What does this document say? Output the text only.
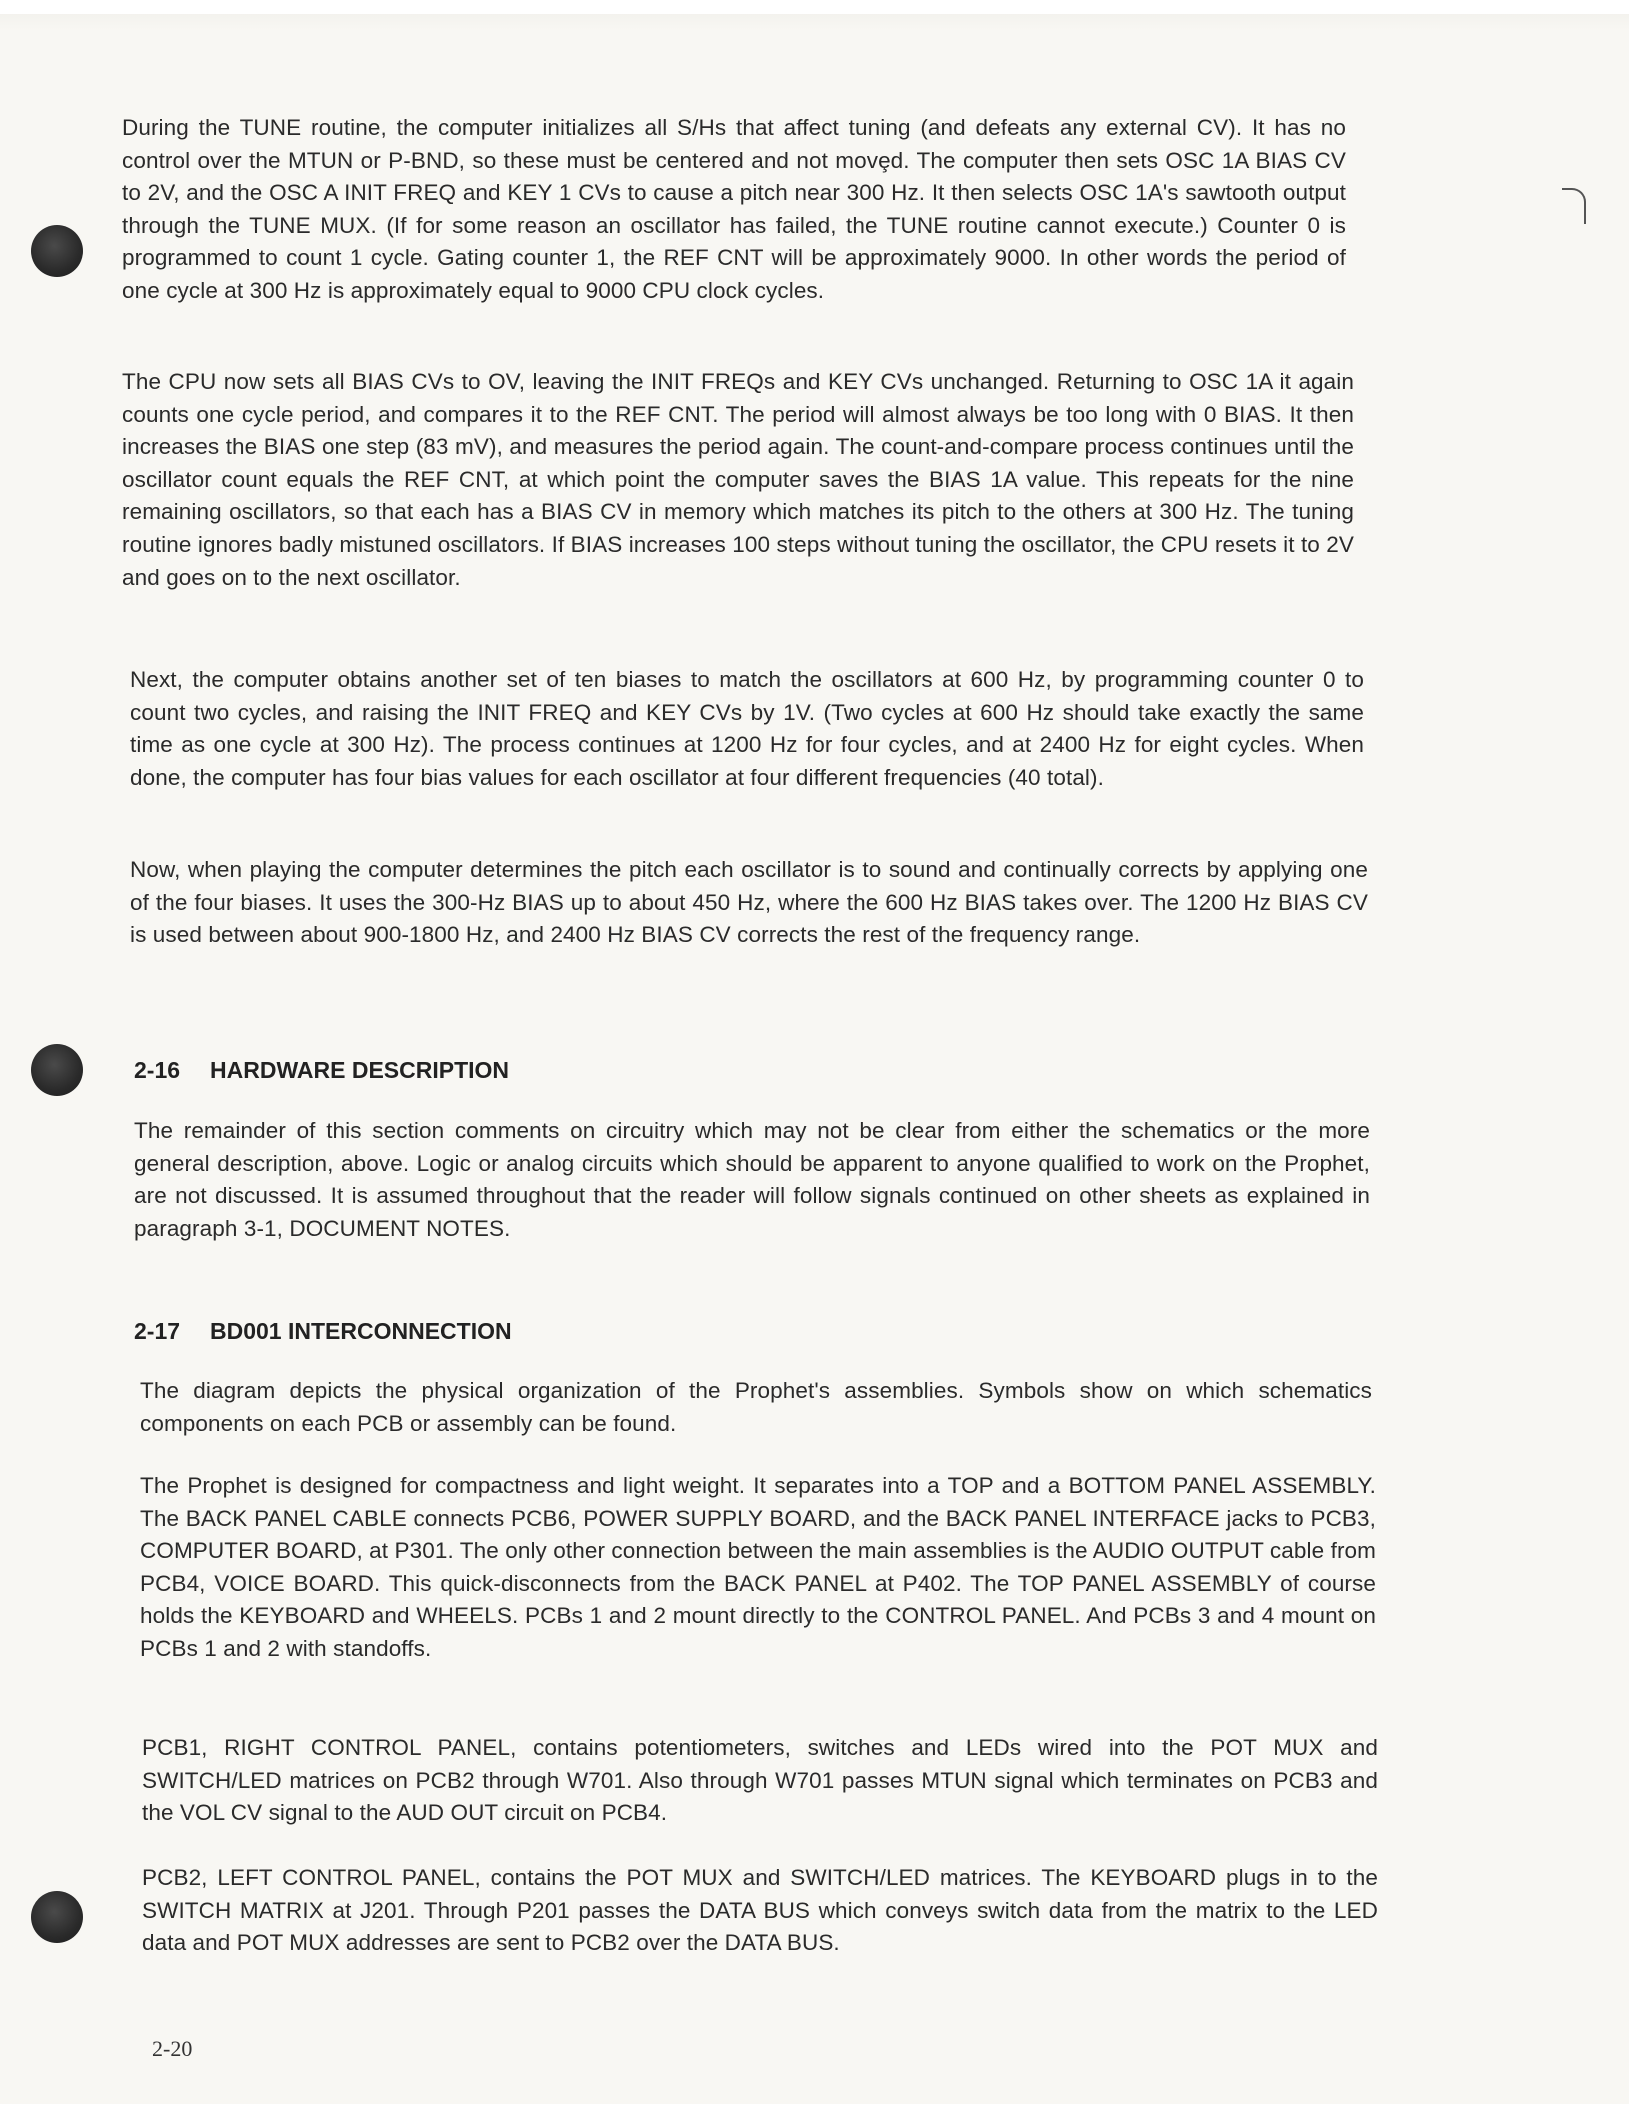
During the TUNE routine, the computer initializes all S/Hs that affect tuning (and defeats any external CV). It has no control over the MTUN or P-BND, so these must be centered and not movȩd. The computer then sets OSC 1A BIAS CV to 2V, and the OSC A INIT FREQ and KEY 1 CVs to cause a pitch near 300 Hz. It then selects OSC 1A's sawtooth output through the TUNE MUX. (If for some reason an oscillator has failed, the TUNE routine cannot execute.) Counter 0 is programmed to count 1 cycle. Gating counter 1, the REF CNT will be approximately 9000. In other words the period of one cycle at 300 Hz is approximately equal to 9000 CPU clock cycles.

The CPU now sets all BIAS CVs to OV, leaving the INIT FREQs and KEY CVs unchanged. Returning to OSC 1A it again counts one cycle period, and compares it to the REF CNT. The period will almost always be too long with 0 BIAS. It then increases the BIAS one step (83 mV), and measures the period again. The count-and-compare process continues until the oscillator count equals the REF CNT, at which point the computer saves the BIAS 1A value. This repeats for the nine remaining oscillators, so that each has a BIAS CV in memory which matches its pitch to the others at 300 Hz. The tuning routine ignores badly mistuned oscillators. If BIAS increases 100 steps without tuning the oscillator, the CPU resets it to 2V and goes on to the next oscillator.

Next, the computer obtains another set of ten biases to match the oscillators at 600 Hz, by programming counter 0 to count two cycles, and raising the INIT FREQ and KEY CVs by 1V. (Two cycles at 600 Hz should take exactly the same time as one cycle at 300 Hz). The process continues at 1200 Hz for four cycles, and at 2400 Hz for eight cycles. When done, the computer has four bias values for each oscillator at four different frequencies (40 total).

Now, when playing the computer determines the pitch each oscillator is to sound and continually corrects by applying one of the four biases. It uses the 300-Hz BIAS up to about 450 Hz, where the 600 Hz BIAS takes over. The 1200 Hz BIAS CV is used between about 900-1800 Hz, and 2400 Hz BIAS CV corrects the rest of the frequency range.

2-16 HARDWARE DESCRIPTION

The remainder of this section comments on circuitry which may not be clear from either the schematics or the more general description, above. Logic or analog circuits which should be apparent to anyone qualified to work on the Prophet, are not discussed. It is assumed throughout that the reader will follow signals continued on other sheets as explained in paragraph 3-1, DOCUMENT NOTES.

2-17 BD001 INTERCONNECTION

The diagram depicts the physical organization of the Prophet's assemblies. Symbols show on which schematics components on each PCB or assembly can be found.

The Prophet is designed for compactness and light weight. It separates into a TOP and a BOTTOM PANEL ASSEMBLY. The BACK PANEL CABLE connects PCB6, POWER SUPPLY BOARD, and the BACK PANEL INTERFACE jacks to PCB3, COMPUTER BOARD, at P301. The only other connection between the main assemblies is the AUDIO OUTPUT cable from PCB4, VOICE BOARD. This quick-disconnects from the BACK PANEL at P402. The TOP PANEL ASSEMBLY of course holds the KEYBOARD and WHEELS. PCBs 1 and 2 mount directly to the CONTROL PANEL. And PCBs 3 and 4 mount on PCBs 1 and 2 with standoffs.

PCB1, RIGHT CONTROL PANEL, contains potentiometers, switches and LEDs wired into the POT MUX and SWITCH/LED matrices on PCB2 through W701. Also through W701 passes MTUN signal which terminates on PCB3 and the VOL CV signal to the AUD OUT circuit on PCB4.

PCB2, LEFT CONTROL PANEL, contains the POT MUX and SWITCH/LED matrices. The KEYBOARD plugs in to the SWITCH MATRIX at J201. Through P201 passes the DATA BUS which conveys switch data from the matrix to the LED data and POT MUX addresses are sent to PCB2 over the DATA BUS.

2-20
